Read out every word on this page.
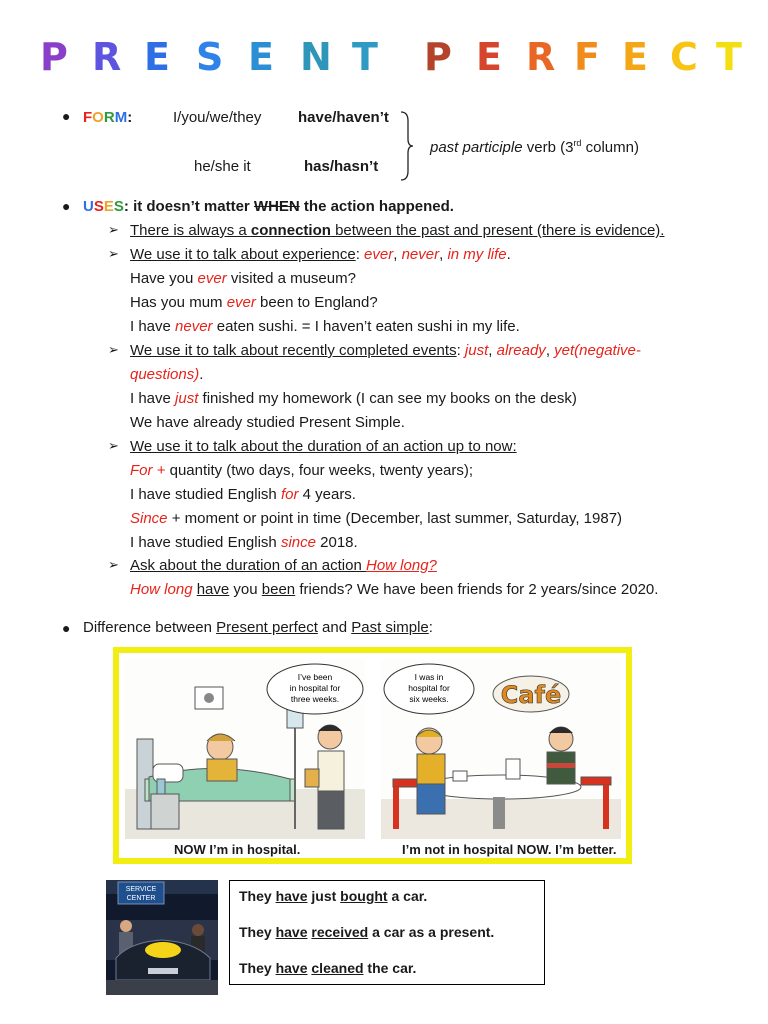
P R E S E N T P E R F E C T
● FORM:	I/you/we/they have/haven’t
he/she it	has/hasn’t
past participle verb (3rd column)
● USES: it doesn’t matter WHEN the action happened.
➢ There is always a connection between the past and present (there is evidence).
➢ We use it to talk about experience: ever, never, in my life.
Have you ever visited a museum?
Has you mum ever been to England?
I have never eaten sushi. = I haven’t eaten sushi in my life.
➢ We use it to talk about recently completed events: just, already, yet(negative-
questions).
I have just finished my homework (I can see my books on the desk)
We have already studied Present Simple.
➢ We use it to talk about the duration of an action up to now:
For + quantity (two days, four weeks, twenty years);
I have studied English for 4 years.
Since + moment or point in time (December, last summer, Saturday, 1987)
I have studied English since 2018.
➢ Ask about the duration of an action How long?
How long have you been friends? We have been friends for 2 years/since 2020.
● Difference between Present perfect and Past simple:
I’ve been
in hospital for
three weeks.
NOW I’m in hospital.
Café
I was in
hospital for
six weeks.
I’m not in hospital NOW. I’m better.
SERVICE
CENTER	They have just bought a car.
They have received a car as a present.
They have cleaned the car.
